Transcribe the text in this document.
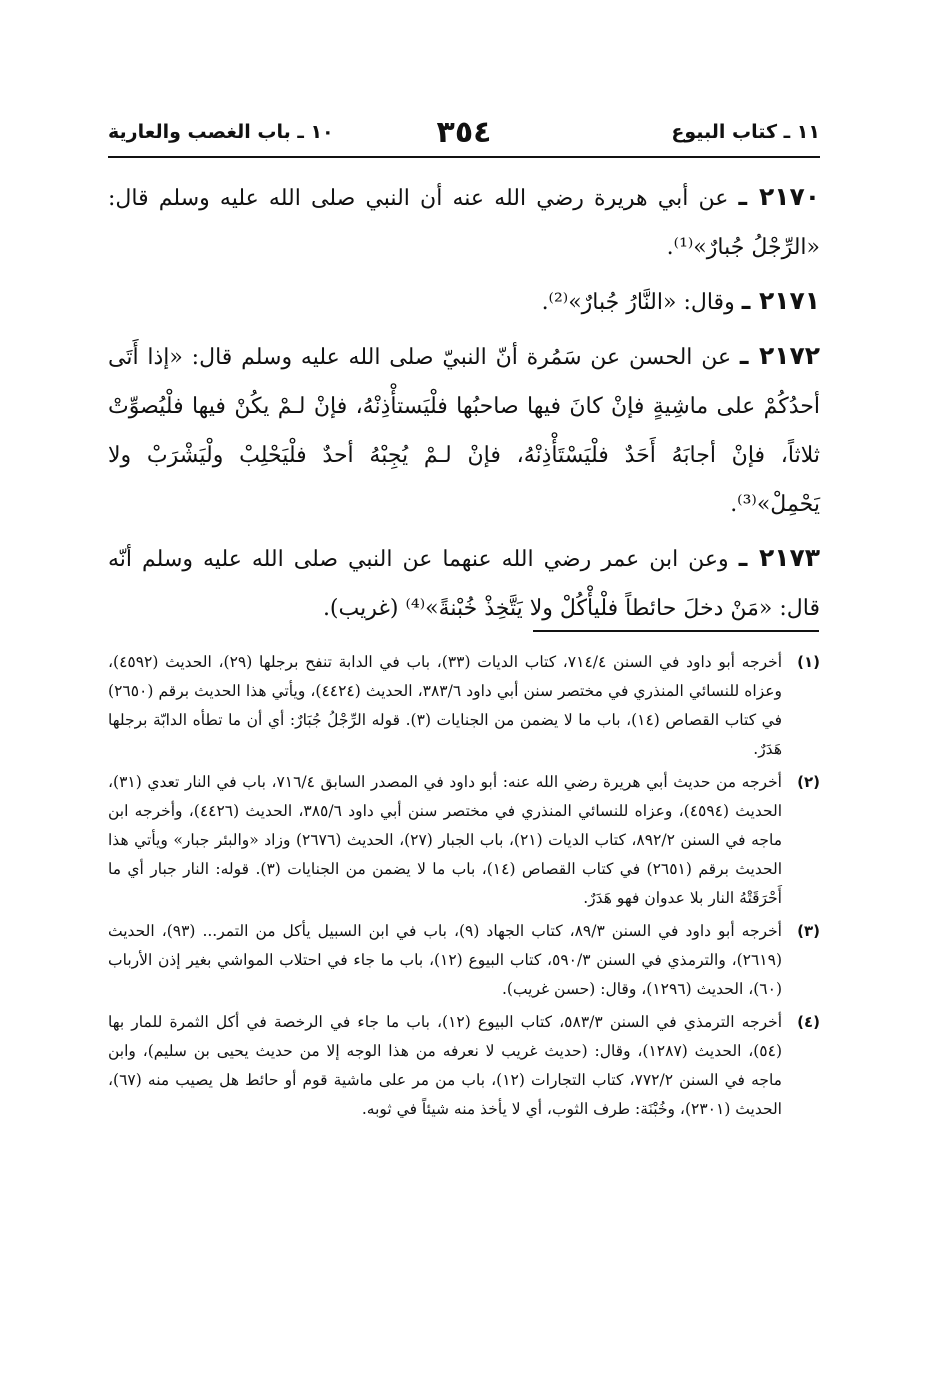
١١ ـ كتاب البيوع
٣٥٤
١٠ ـ باب الغصب والعارية

٢١٧٠ ـ عن أبي هريرة رضي الله عنه أن النبي صلى الله عليه وسلم قال: «الرِّجْلُ جُبارٌ»⁽¹⁾.

٢١٧١ ـ وقال: «النَّارُ جُبارٌ»⁽²⁾.

٢١٧٢ ـ عن الحسن عن سَمُرة أنّ النبيّ صلى الله عليه وسلم قال: «إذا أَتَى أحدُكُمْ على ماشِيةٍ فإنْ كانَ فيها صاحبُها فلْيَستأْذِنْهُ، فإنْ لـمْ يكُنْ فيها فلْيُصوِّتْ ثلاثاً، فإنْ أجابَهُ أَحَدٌ فلْيَسْتَأْذِنْهُ، فإنْ لـمْ يُجِبْهُ أحدٌ فلْيَحْلِبْ ولْيَشْرَبْ ولا يَحْمِلْ»⁽³⁾.

٢١٧٣ ـ وعن ابن عمر رضي الله عنهما عن النبي صلى الله عليه وسلم أنّه قال: «مَنْ دخلَ حائطاً فلْيأْكُلْ ولا يَتَّخِذْ خُبْنةً»⁽⁴⁾ (غريب).

(١)
أخرجه أبو داود في السنن ٧١٤/٤، كتاب الديات (٣٣)، باب في الدابة تنفح برجلها (٢٩)، الحديث (٤٥٩٢)، وعزاه للنسائي المنذري في مختصر سنن أبي داود ٣٨٣/٦، الحديث (٤٤٢٤)، ويأتي هذا الحديث برقم (٢٦٥٠) في كتاب القصاص (١٤)، باب ما لا يضمن من الجنايات (٣). قوله الرِّجْلُ جُبَارٌ: أي أن ما تطأه الدابّة برجلها هَدَرٌ.
(٢)
أخرجه من حديث أبي هريرة رضي الله عنه: أبو داود في المصدر السابق ٧١٦/٤، باب في النار تعدي (٣١)، الحديث (٤٥٩٤)، وعزاه للنسائي المنذري في مختصر سنن أبي داود ٣٨٥/٦، الحديث (٤٤٢٦)، وأخرجه ابن ماجه في السنن ٨٩٢/٢، كتاب الديات (٢١)، باب الجبار (٢٧)، الحديث (٢٦٧٦) وزاد «والبئر جبار» ويأتي هذا الحديث برقم (٢٦٥١) في كتاب القصاص (١٤)، باب ما لا يضمن من الجنايات (٣). قوله: النار جبار أي ما أَحْرَقَتْهُ النار بلا عدوان فهو هَدَرٌ.
(٣)
أخرجه أبو داود في السنن ٨٩/٣، كتاب الجهاد (٩)، باب في ابن السبيل يأكل من التمر... (٩٣)، الحديث (٢٦١٩)، والترمذي في السنن ٥٩٠/٣، كتاب البيوع (١٢)، باب ما جاء في احتلاب المواشي بغير إذن الأرباب (٦٠)، الحديث (١٢٩٦)، وقال: (حسن غريب).
(٤)
أخرجه الترمذي في السنن ٥٨٣/٣، كتاب البيوع (١٢)، باب ما جاء في الرخصة في أكل الثمرة للمار بها (٥٤)، الحديث (١٢٨٧)، وقال: (حديث غريب لا نعرفه من هذا الوجه إلا من حديث يحيى بن سليم)، وابن ماجه في السنن ٧٧٢/٢، كتاب التجارات (١٢)، باب من مر على ماشية قوم أو حائط هل يصيب منه (٦٧)، الحديث (٢٣٠١)، وخُبْنَة: طرف الثوب، أي لا يأخذ منه شيئاً في ثوبه.
